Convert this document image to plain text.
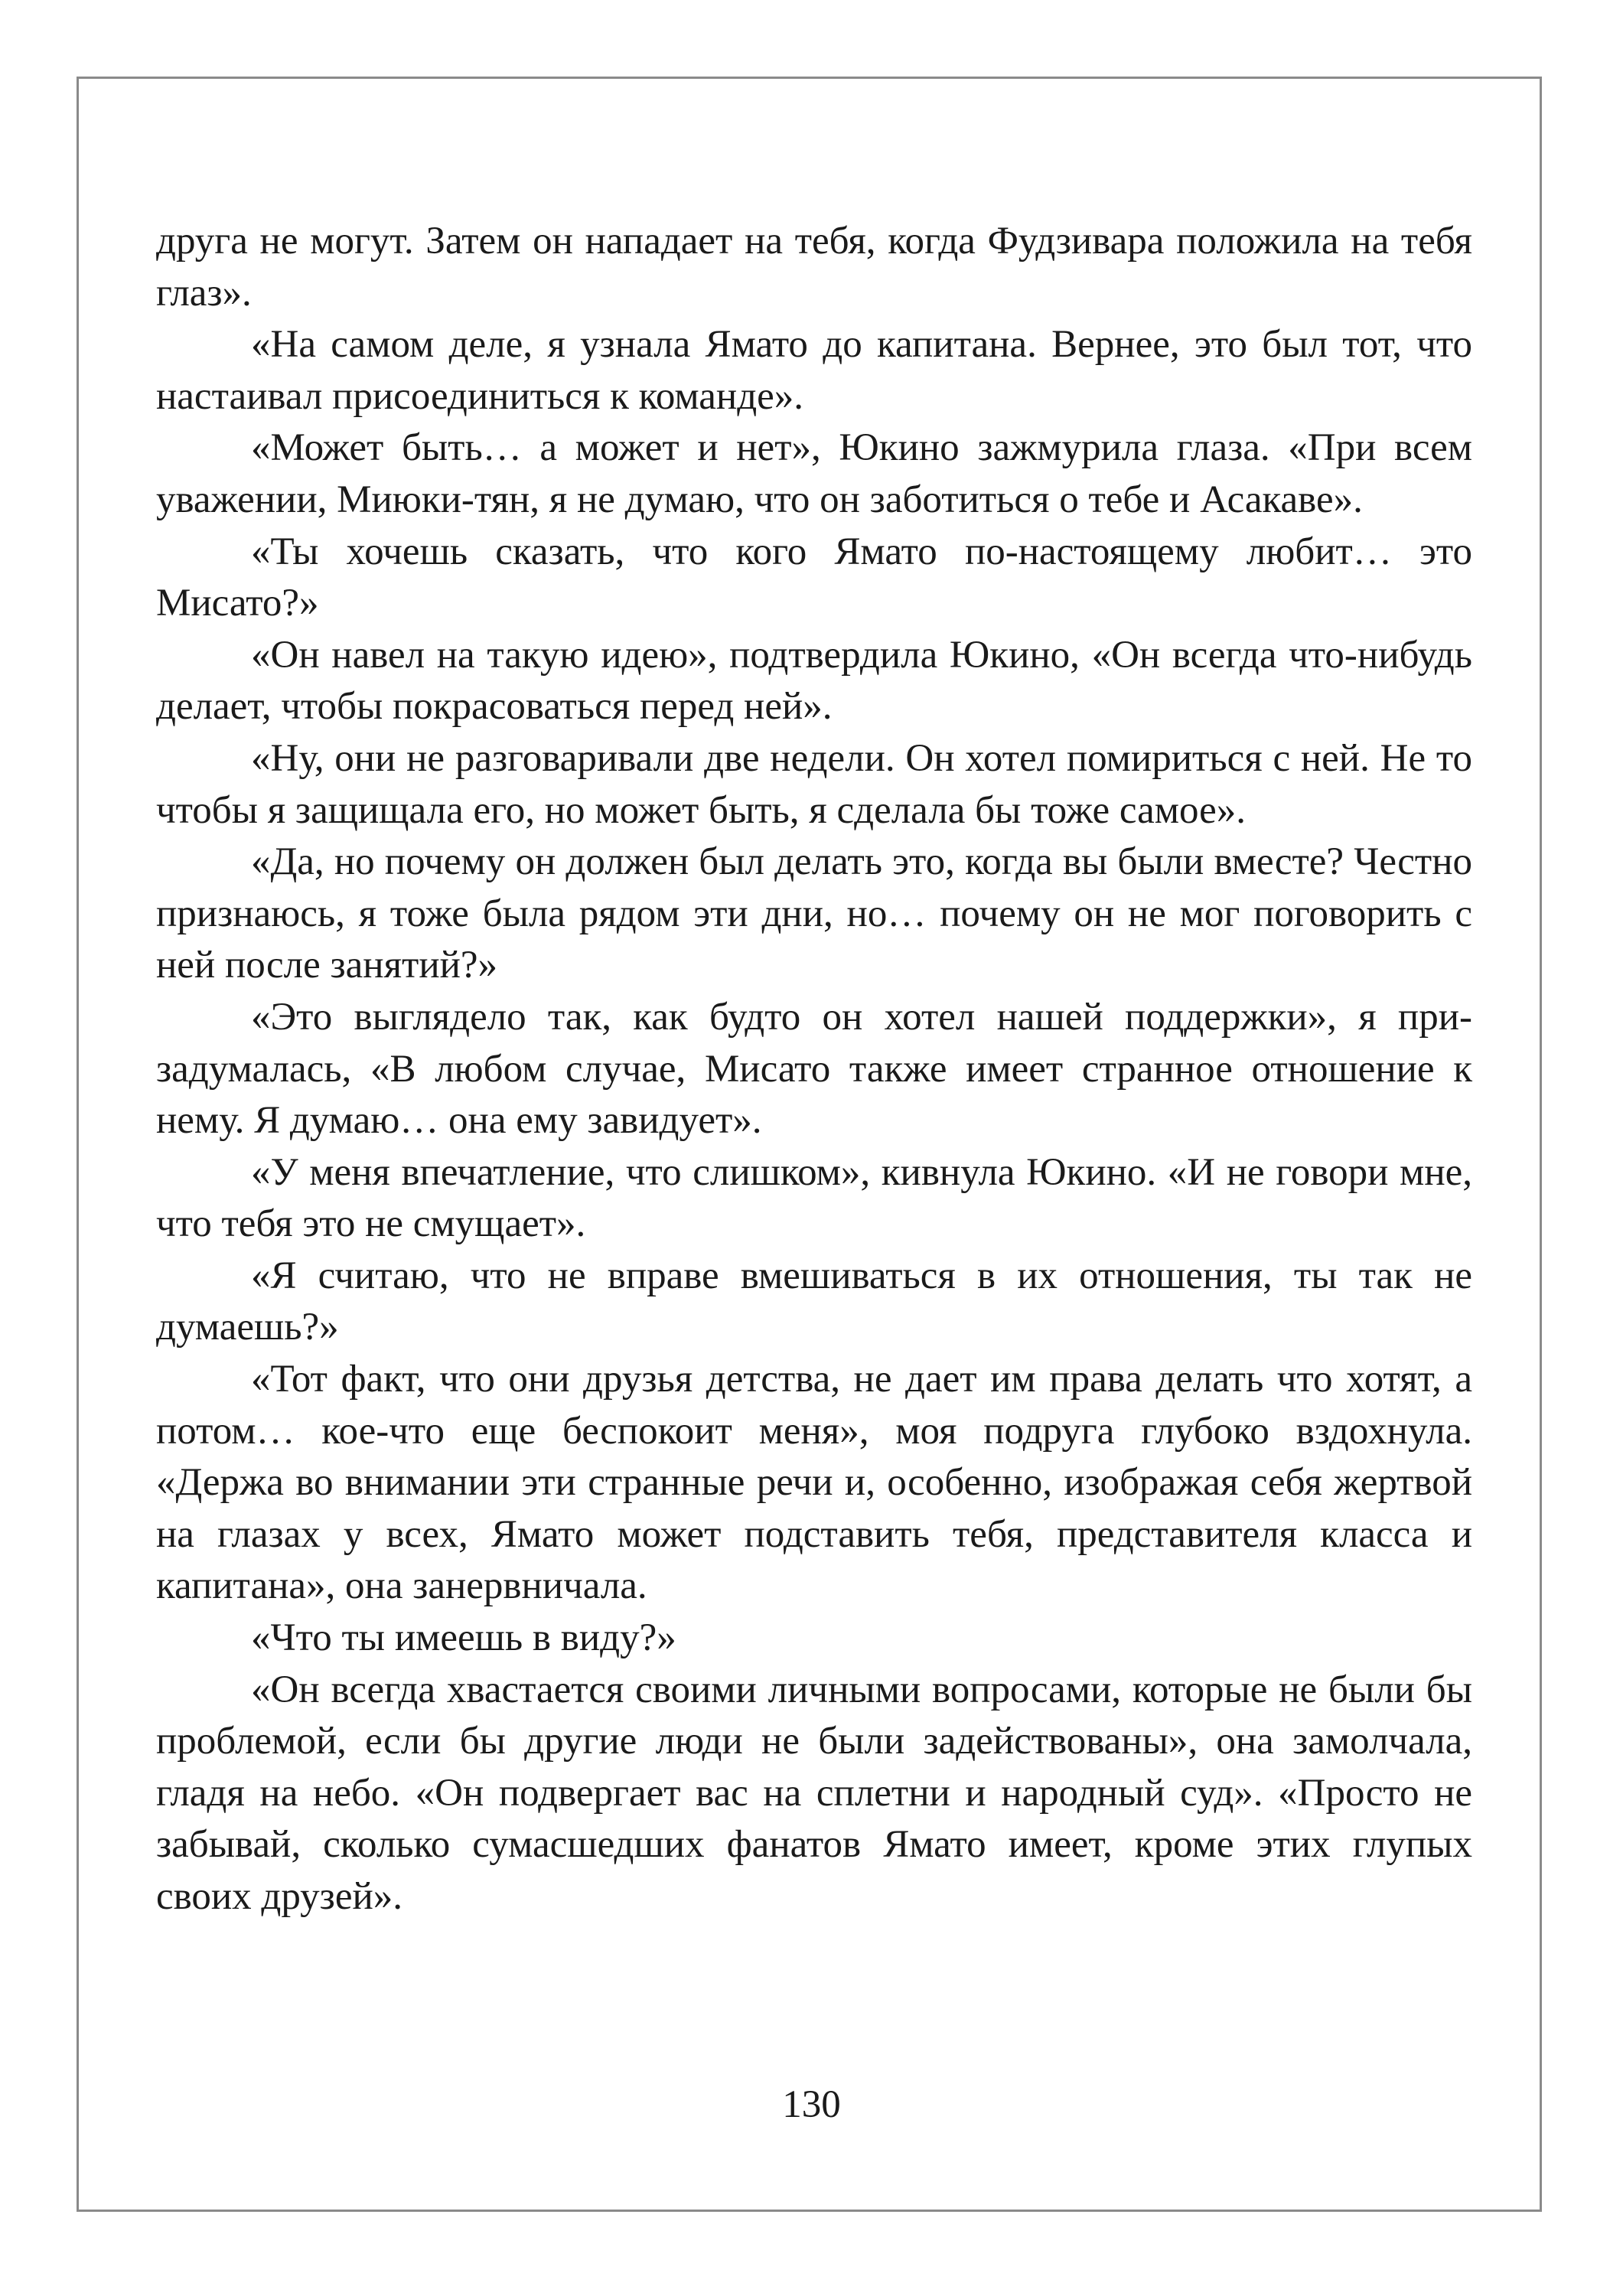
друга не могут. Затем он нападает на тебя, когда Фудзивара положила на тебя глаз».

«На самом деле, я узнала Ямато до капитана. Вернее, это был тот, что настаивал присоединиться к команде».

«Может быть… а может и нет», Юкино зажмурила глаза. «При всем уважении, Миюки-тян, я не думаю, что он заботиться о тебе и Асакаве».

«Ты хочешь сказать, что кого Ямато по-настоящему любит… это Мисато?»

«Он навел на такую идею», подтвердила Юкино, «Он всегда что-нибудь делает, чтобы покрасоваться перед ней».

«Ну, они не разговаривали две недели. Он хотел помириться с ней. Не то чтобы я защищала его, но может быть, я сделала бы тоже самое».

«Да, но почему он должен был делать это, когда вы были вместе? Честно признаюсь, я тоже была рядом эти дни, но… почему он не мог поговорить с ней после занятий?»

«Это выглядело так, как будто он хотел нашей поддержки», я призадумалась, «В любом случае, Мисато также имеет странное отношение к нему. Я думаю… она ему завидует».

«У меня впечатление, что слишком», кивнула Юкино. «И не говори мне, что тебя это не смущает».

«Я считаю, что не вправе вмешиваться в их отношения, ты так не думаешь?»

«Тот факт, что они друзья детства, не дает им права делать что хотят, а потом… кое-что еще беспокоит меня», моя подруга глубоко вздохнула. «Держа во внимании эти странные речи и, особенно, изображая себя жертвой на глазах у всех, Ямато может подставить тебя, представителя класса и капитана», она занервничала.

«Что ты имеешь в виду?»

«Он всегда хвастается своими личными вопросами, которые не были бы проблемой, если бы другие люди не были задействованы», она замолчала, гладя на небо. «Он подвергает вас на сплетни и народный суд». «Просто не забывай, сколько сумасшедших фанатов Ямато имеет, кроме этих глупых своих друзей».

130
